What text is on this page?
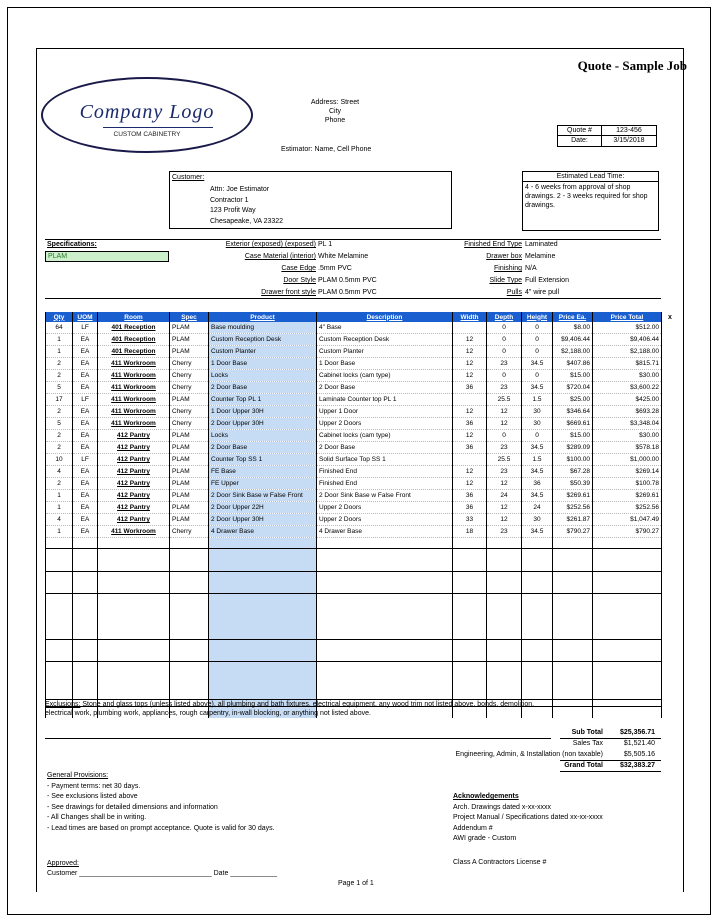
Quote - Sample Job
Company Logo
CUSTOM CABINETRY
Address: Street
City
Phone
Quote #	123-456
Date:	3/15/2018
Estimator: Name, Cell Phone
Customer:
Attn: Joe Estimator
Contractor 1
123 Profit Way
Chesapeake, VA 23322
Estimated Lead Time:
4 - 6 weeks from approval of shop drawings. 2 - 3 weeks required for shop drawings.
Specifications:
PLAM
Exterior (exposed) (exposed) PL 1
Case Material (interior) White Melamine
Case Edge .5mm PVC
Door Style PLAM 0.5mm PVC
Drawer front style PLAM 0.5mm PVC
Finished End Type Laminated
Drawer box Melamine
Finishing N/A
Slide Type Full Extension
Pulls 4" wire pull
Qty	UOM	Room	Spec	Product	Description	Width	Depth	Height	Price Ea.	Price Total
64	LF	401 Reception	PLAM	Base moulding	4" Base		0	0	$8.00	$512.00
1	EA	401 Reception	PLAM	Custom Reception Desk	Custom Reception Desk	12	0	0	$9,406.44	$9,406.44
1	EA	401 Reception	PLAM	Custom Planter	Custom Planter	12	0	0	$2,188.00	$2,188.00
2	EA	411 Workroom	Cherry	1 Door Base	1 Door Base	12	23	34.5	$407.86	$815.71
2	EA	411 Workroom	Cherry	Locks	Cabinet locks (cam type)	12	0	0	$15.00	$30.00
5	EA	411 Workroom	Cherry	2 Door Base	2 Door Base	36	23	34.5	$720.04	$3,600.22
17	LF	411 Workroom	PLAM	Counter Top PL 1	Laminate Counter top PL 1		25.5	1.5	$25.00	$425.00
2	EA	411 Workroom	Cherry	1 Door Upper 30H	Upper 1 Door	12	12	30	$346.64	$693.28
5	EA	411 Workroom	Cherry	2 Door Upper 30H	Upper 2 Doors	36	12	30	$669.61	$3,348.04
2	EA	412 Pantry	PLAM	Locks	Cabinet locks (cam type)	12	0	0	$15.00	$30.00
2	EA	412 Pantry	PLAM	2 Door Base	2 Door Base	36	23	34.5	$289.09	$578.18
10	LF	412 Pantry	PLAM	Counter Top SS 1	Solid Surface Top SS 1		25.5	1.5	$100.00	$1,000.00
4	EA	412 Pantry	PLAM	FE Base	Finished End	12	23	34.5	$67.28	$269.14
2	EA	412 Pantry	PLAM	FE Upper	Finished End	12	12	36	$50.39	$100.78
1	EA	412 Pantry	PLAM	2 Door Sink Base w False Front	2 Door Sink Base w False Front	36	24	34.5	$269.61	$269.61
1	EA	412 Pantry	PLAM	2 Door Upper 22H	Upper 2 Doors	36	12	24	$252.56	$252.56
4	EA	412 Pantry	PLAM	2 Door Upper 30H	Upper 2 Doors	33	12	30	$261.87	$1,047.49
1	EA	411 Workroom	Cherry	4 Drawer Base	4 Drawer Base	18	23	34.5	$790.27	$790.27

x
Exclusions: Stone and glass tops (unless listed above), all plumbing and bath fixtures, electrical equipment, any wood trim not listed above, bonds, demolition, electrical work, plumbing work, appliances, rough carpentry, in-wall blocking, or anything not listed above.
Sub Total $25,356.71
Sales Tax	$1,521.40
Engineering, Admin, & Installation (non taxable)	$5,505.16
Grand Total $32,383.27
General Provisions:
- Payment terms: net 30 days.
- See exclusions listed above
- See drawings for detailed dimensions and information
- All Changes shall be in writing.
- Lead times are based on prompt acceptance. Quote is valid for 30 days.
Acknowledgements
Arch. Drawings dated x-xx-xxxx
Project Manual / Specifications dated xx-xx-xxxx
Addendum #
AWI grade - Custom
Approved:
Customer __________________________________ Date ____________
Class A Contractors License #
Page 1 of 1
